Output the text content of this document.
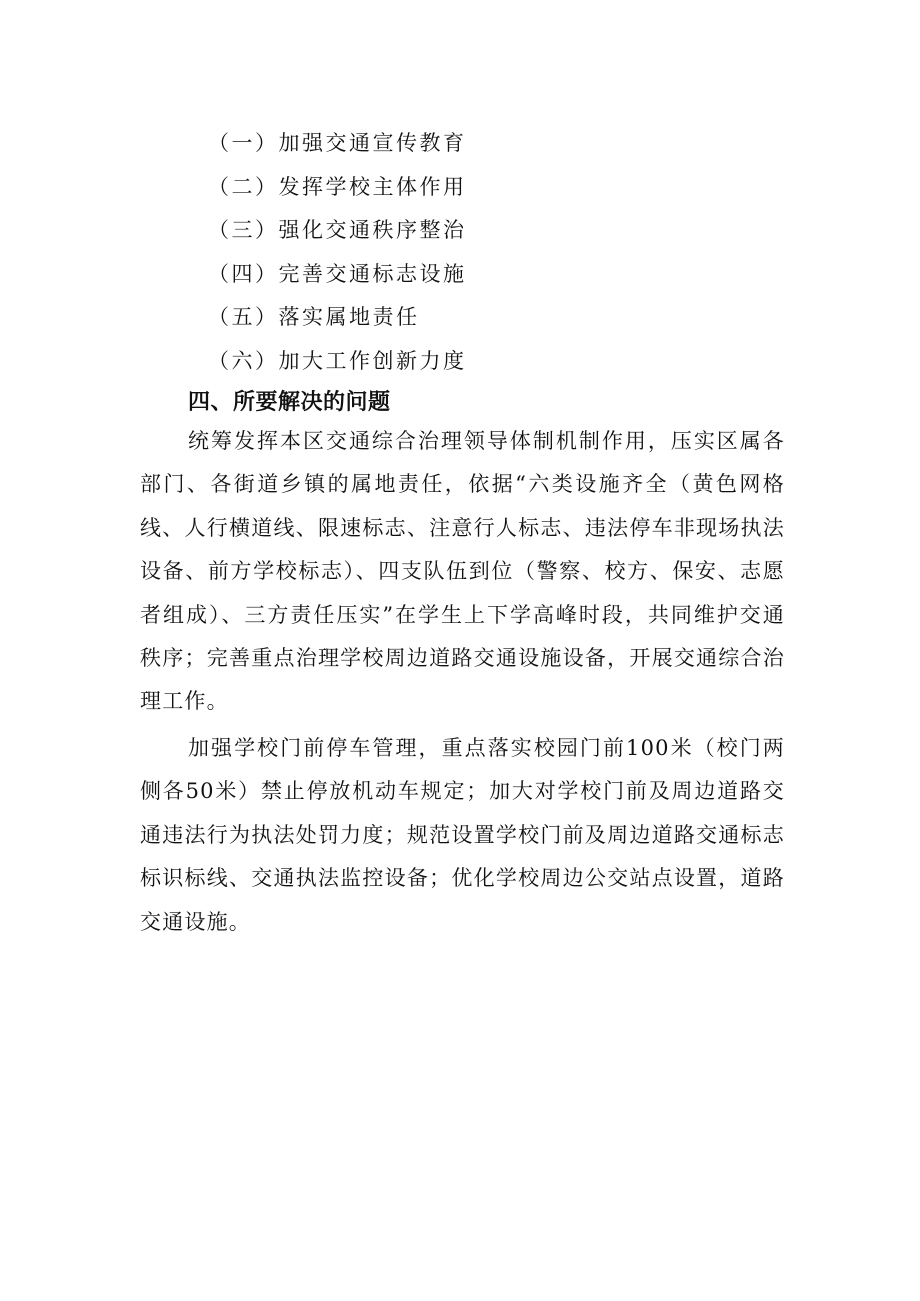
（一）加强交通宣传教育
（二）发挥学校主体作用
（三）强化交通秩序整治
（四）完善交通标志设施
（五）落实属地责任
（六）加大工作创新力度
四、所要解决的问题

统筹发挥本区交通综合治理领导体制机制作用，压实区属各部门、各街道乡镇的属地责任，依据“六类设施齐全（黄色网格线、人行横道线、限速标志、注意行人标志、违法停车非现场执法设备、前方学校标志）、四支队伍到位（警察、校方、保安、志愿者组成）、三方责任压实”在学生上下学高峰时段，共同维护交通秩序；完善重点治理学校周边道路交通设施设备，开展交通综合治理工作。

加强学校门前停车管理，重点落实校园门前100米（校门两侧各50米）禁止停放机动车规定；加大对学校门前及周边道路交通违法行为执法处罚力度；规范设置学校门前及周边道路交通标志标识标线、交通执法监控设备；优化学校周边公交站点设置，道路交通设施。
